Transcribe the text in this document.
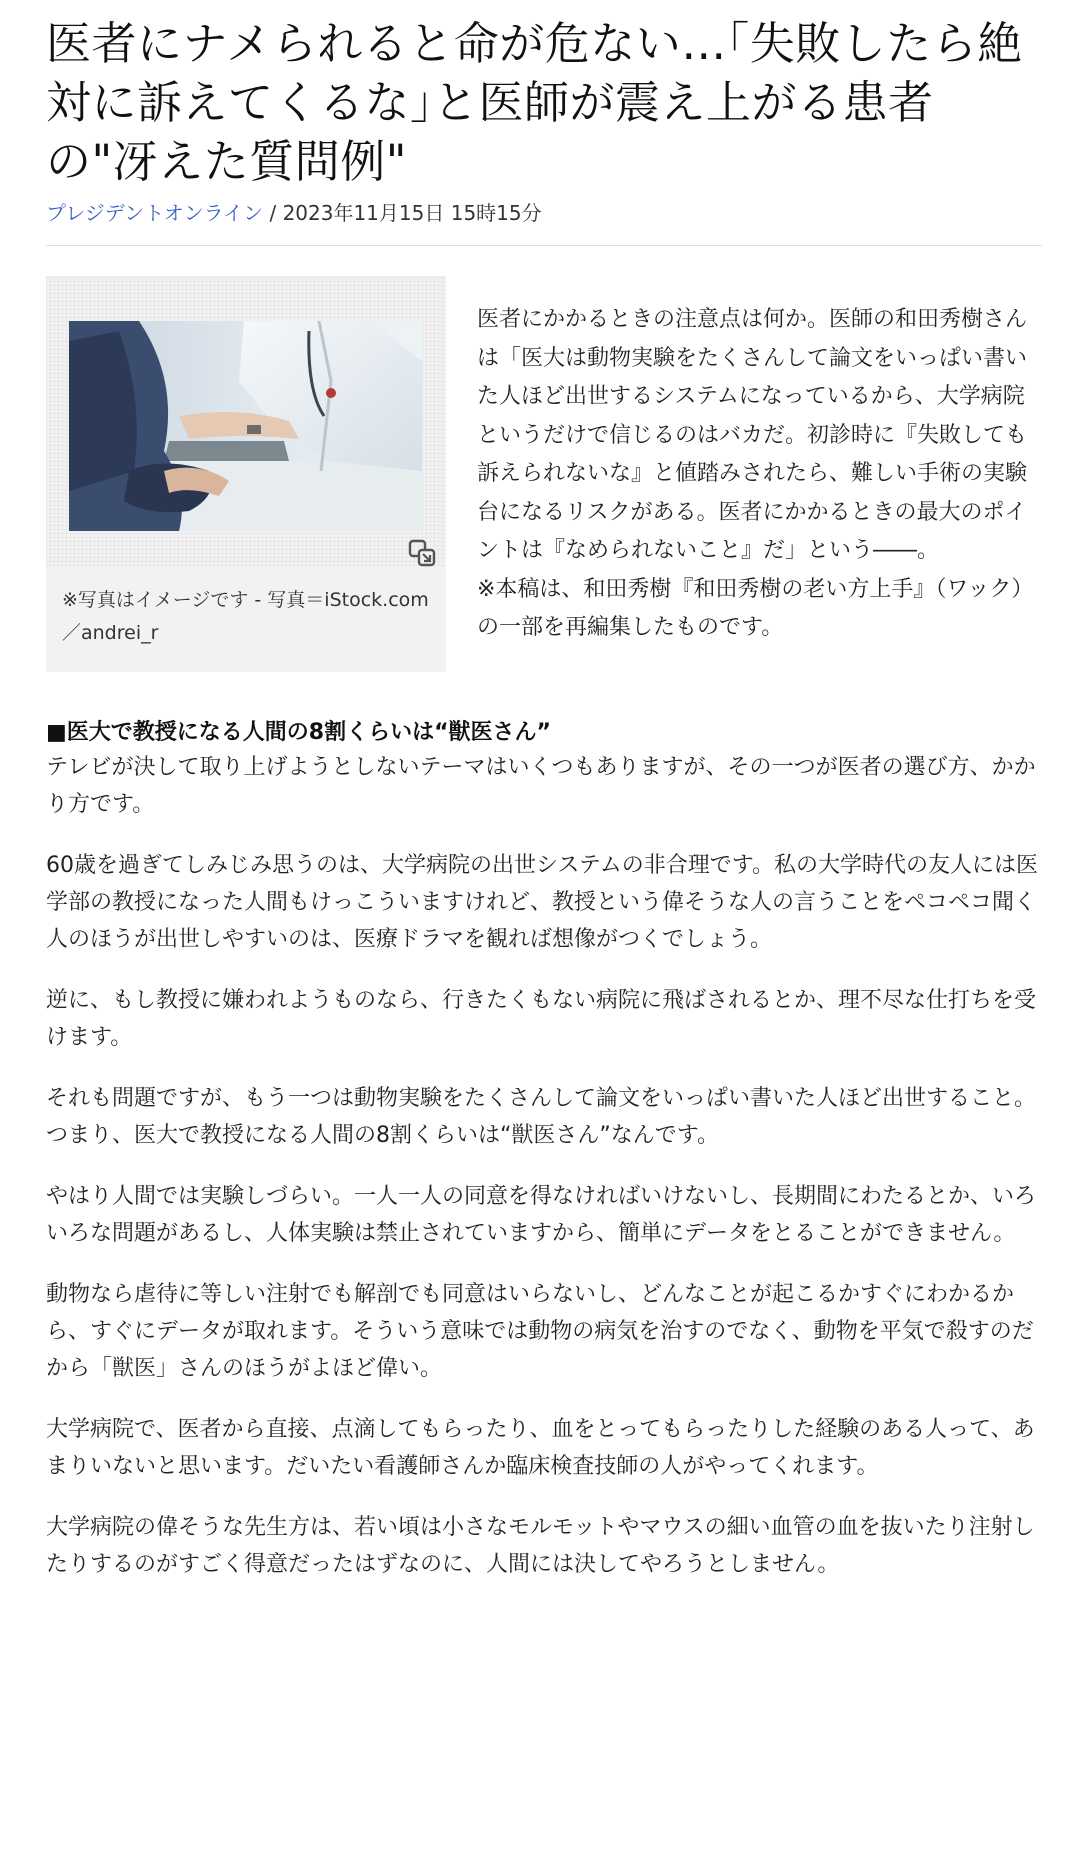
医者にナメられると命が危ない…｢失敗したら絶対に訴えてくるな｣と医師が震え上がる患者の"冴えた質問例"
プレジデントオンライン / 2023年11月15日 15時15分
※写真はイメージです - 写真＝iStock.com／andrei_r

医者にかかるときの注意点は何か。医師の和田秀樹さんは「医大は動物実験をたくさんして論文をいっぱい書いた人ほど出世するシステムになっているから、大学病院というだけで信じるのはバカだ。初診時に『失敗しても訴えられないな』と値踏みされたら、難しい手術の実験台になるリスクがある。医者にかかるときの最大のポイントは『なめられないこと』だ」という――。

※本稿は、和田秀樹『和田秀樹の老い方上手』（ワック）の一部を再編集したものです。

■医大で教授になる人間の8割くらいは“獣医さん”

テレビが決して取り上げようとしないテーマはいくつもありますが、その一つが医者の選び方、かかり方です。

60歳を過ぎてしみじみ思うのは、大学病院の出世システムの非合理です。私の大学時代の友人には医学部の教授になった人間もけっこういますけれど、教授という偉そうな人の言うことをペコペコ聞く人のほうが出世しやすいのは、医療ドラマを観れば想像がつくでしょう。

逆に、もし教授に嫌われようものなら、行きたくもない病院に飛ばされるとか、理不尽な仕打ちを受けます。

それも問題ですが、もう一つは動物実験をたくさんして論文をいっぱい書いた人ほど出世すること。つまり、医大で教授になる人間の8割くらいは“獣医さん”なんです。

やはり人間では実験しづらい。一人一人の同意を得なければいけないし、長期間にわたるとか、いろいろな問題があるし、人体実験は禁止されていますから、簡単にデータをとることができません。

動物なら虐待に等しい注射でも解剖でも同意はいらないし、どんなことが起こるかすぐにわかるから、すぐにデータが取れます。そういう意味では動物の病気を治すのでなく、動物を平気で殺すのだから「獣医」さんのほうがよほど偉い。

大学病院で、医者から直接、点滴してもらったり、血をとってもらったりした経験のある人って、あまりいないと思います。だいたい看護師さんか臨床検査技師の人がやってくれます。

大学病院の偉そうな先生方は、若い頃は小さなモルモットやマウスの細い血管の血を抜いたり注射したりするのがすごく得意だったはずなのに、人間には決してやろうとしません。
